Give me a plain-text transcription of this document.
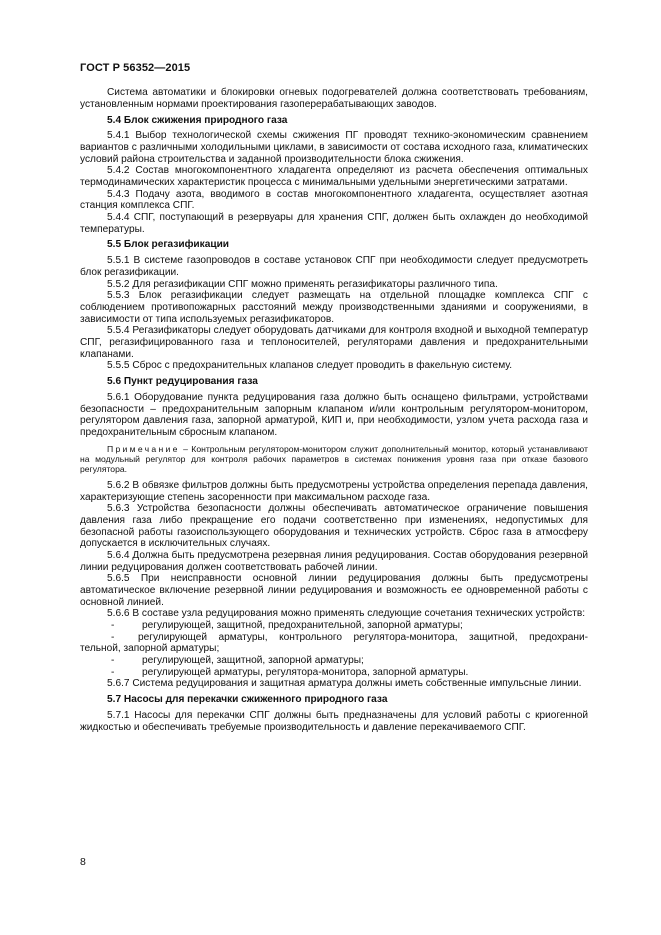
ГОСТ Р 56352—2015

Система автоматики и блокировки огневых подогревателей должна соответствовать требованиям, установленным нормами проектирования газоперерабатывающих заводов.

5.4 Блок сжижения природного газа

5.4.1 Выбор технологической схемы сжижения ПГ проводят технико-экономическим сравнением вариантов с различными холодильными циклами, в зависимости от состава исходного газа, климатических условий района строительства и заданной производительности блока сжижения.

5.4.2 Состав многокомпонентного хладагента определяют из расчета обеспечения оптимальных термодинамических характеристик процесса с минимальными удельными энергетическими затратами.

5.4.3 Подачу азота, вводимого в состав многокомпонентного хладагента, осуществляет азотная станция комплекса СПГ.

5.4.4 СПГ, поступающий в резервуары для хранения СПГ, должен быть охлажден до необходимой температуры.

5.5 Блок регазификации

5.5.1 В системе газопроводов в составе установок СПГ при необходимости следует предусмотреть блок регазификации.

5.5.2 Для регазификации СПГ можно применять регазификаторы различного типа.

5.5.3 Блок регазификации следует размещать на отдельной площадке комплекса СПГ с соблюдением противопожарных расстояний между производственными зданиями и сооружениями, в зависимости от типа используемых регазификаторов.

5.5.4 Регазификаторы следует оборудовать датчиками для контроля входной и выходной температур СПГ, регазифицированного газа и теплоносителей, регуляторами давления и предохранительными клапанами.

5.5.5 Сброс с предохранительных клапанов следует проводить в факельную систему.

5.6 Пункт редуцирования газа

5.6.1 Оборудование пункта редуцирования газа должно быть оснащено фильтрами, устройствами безопасности – предохранительным запорным клапаном и/или контрольным регулятором-монитором, регулятором давления газа, запорной арматурой, КИП и, при необходимости, узлом учета расхода газа и предохранительным сбросным клапаном.

Примечание – Контрольным регулятором-монитором служит дополнительный монитор, который устанавливают на модульный регулятор для контроля рабочих параметров в системах понижения уровня газа при отказе базового регулятора.

5.6.2 В обвязке фильтров должны быть предусмотрены устройства определения перепада давления, характеризующие степень засоренности при максимальном расходе газа.

5.6.3 Устройства безопасности должны обеспечивать автоматическое ограничение повышения давления газа либо прекращение его подачи соответственно при изменениях, недопустимых для безопасной работы газоиспользующего оборудования и технических устройств. Сброс газа в атмосферу допускается в исключительных случаях.

5.6.4 Должна быть предусмотрена резервная линия редуцирования. Состав оборудования резервной линии редуцирования должен соответствовать рабочей линии.

5.6.5 При неисправности основной линии редуцирования должны быть предусмотрены автоматическое включение резервной линии редуцирования и возможность ее одновременной работы с основной линией.

5.6.6 В составе узла редуцирования можно применять следующие сочетания технических устройств:

-	регулирующей, защитной, предохранительной, запорной арматуры;

- регулирующей арматуры, контрольного регулятора-монитора, защитной, предохрани-
тельной, запорной арматуры;

-	регулирующей, защитной, запорной арматуры;

-	регулирующей арматуры, регулятора-монитора, запорной арматуры.

5.6.7 Система редуцирования и защитная арматура должны иметь собственные импульсные линии.

5.7 Насосы для перекачки сжиженного природного газа

5.7.1 Насосы для перекачки СПГ должны быть предназначены для условий работы с криогенной жидкостью и обеспечивать требуемые производительность и давление перекачиваемого СПГ.

8
